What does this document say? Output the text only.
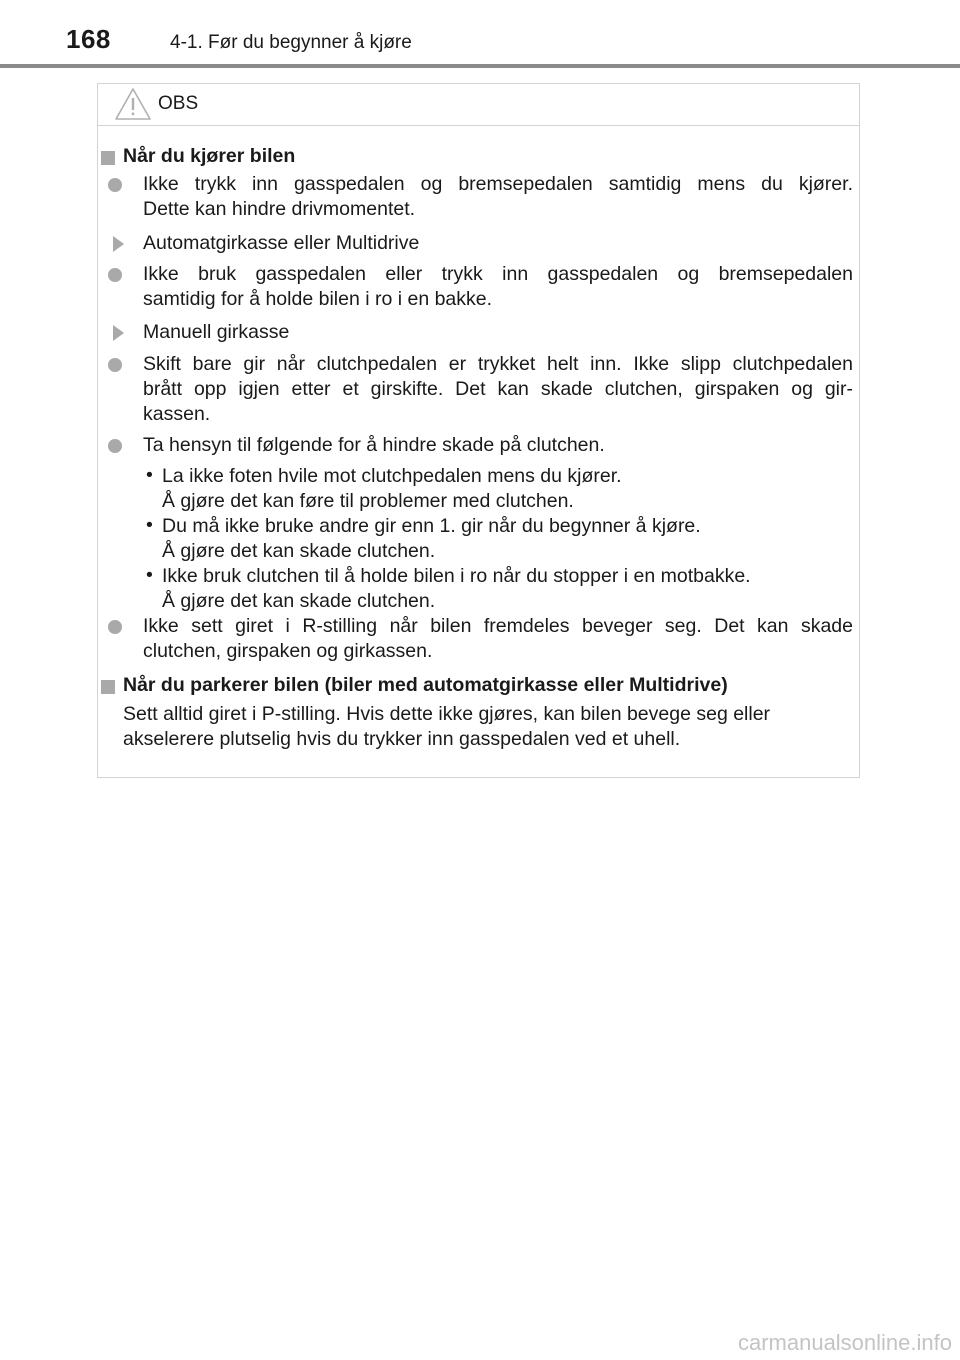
168	4-1. Før du begynner å kjøre
OBS
Når du kjører bilen
Ikke trykk inn gasspedalen og bremsepedalen samtidig mens du kjører.
Dette kan hindre drivmomentet.
Automatgirkasse eller Multidrive
Ikke bruk gasspedalen eller trykk inn gasspedalen og bremsepedalen
samtidig for å holde bilen i ro i en bakke.
Manuell girkasse
Skift bare gir når clutchpedalen er trykket helt inn. Ikke slipp clutchpedalen
brått opp igjen etter et girskifte. Det kan skade clutchen, girspaken og gir-
kassen.
Ta hensyn til følgende for å hindre skade på clutchen.
• La ikke foten hvile mot clutchpedalen mens du kjører.
Å gjøre det kan føre til problemer med clutchen.
• Du må ikke bruke andre gir enn 1. gir når du begynner å kjøre.
Å gjøre det kan skade clutchen.
• Ikke bruk clutchen til å holde bilen i ro når du stopper i en motbakke.
Å gjøre det kan skade clutchen.
Ikke sett giret i R-stilling når bilen fremdeles beveger seg. Det kan skade
clutchen, girspaken og girkassen.
Når du parkerer bilen (biler med automatgirkasse eller Multidrive)
Sett alltid giret i P-stilling. Hvis dette ikke gjøres, kan bilen bevege seg eller
akselerere plutselig hvis du trykker inn gasspedalen ved et uhell.
carmanualsonline.info
